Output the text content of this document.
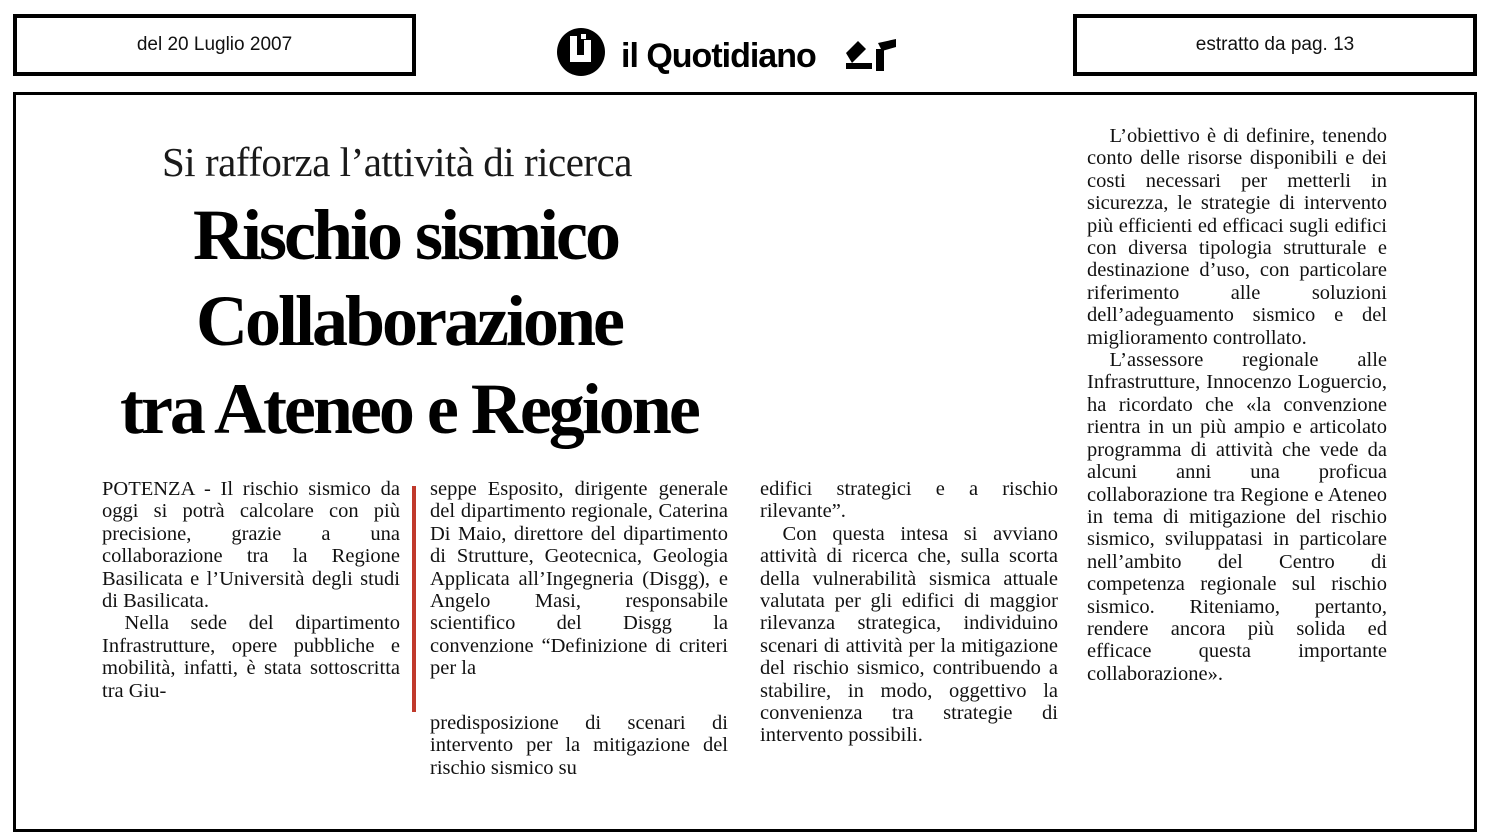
del 20 Luglio 2007	il Quotidiano	estratto da pag. 13
Si rafforza l’attività di ricerca
Rischio sismico
Collaborazione
tra Ateneo e Regione

POTENZA - Il rischio sismico da oggi si potrà calcolare con più precisione, grazie a una collaborazione tra la Regione Basilicata e l’Università degli studi di Basilicata.

Nella sede del dipartimento Infrastrutture, opere pubbliche e mobilità, infatti, è stata sottoscritta tra Giu-

seppe Esposito, dirigente generale del dipartimento regionale, Caterina Di Maio, direttore del dipartimento di Strutture, Geotecnica, Geologia Applicata all’Ingegneria (Disgg), e Angelo Masi, responsabile scientifico del Disgg la convenzione “Definizione di criteri per la

predisposizione di scenari di intervento per la mitigazione del rischio sismico su

edifici strategici e a rischio rilevante”.

Con questa intesa si avviano attività di ricerca che, sulla scorta della vulnerabilità sismica attuale valutata per gli edifici di maggior rilevanza strategica, individuino scenari di attività per la mitigazione del rischio sismico, contribuendo a stabilire, in modo, oggettivo la convenienza tra strategie di intervento possibili.

L’obiettivo è di definire, tenendo conto delle risorse disponibili e dei costi necessari per metterli in sicurezza, le strategie di intervento più efficienti ed efficaci sugli edifici con diversa tipologia strutturale e destinazione d’uso, con particolare riferimento alle soluzioni dell’adeguamento sismico e del miglioramento controllato.

L’assessore regionale alle Infrastrutture, Innocenzo Loguercio, ha ricordato che «la convenzione rientra in un più ampio e articolato programma di attività che vede da alcuni anni una proficua collaborazione tra Regione e Ateneo in tema di mitigazione del rischio sismico, sviluppatasi in particolare nell’ambito del Centro di competenza regionale sul rischio sismico. Riteniamo, pertanto, rendere ancora più solida ed efficace questa importante collaborazione».
